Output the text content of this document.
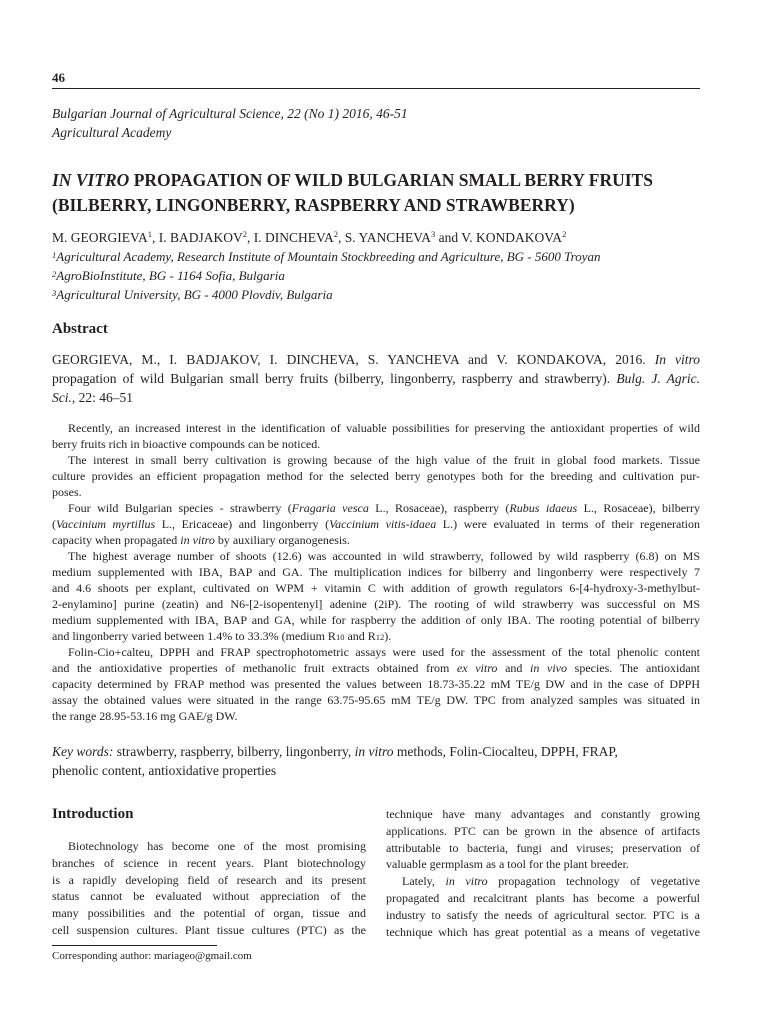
46
Bulgarian Journal of Agricultural Science, 22 (No 1) 2016, 46-51
Agricultural Academy
IN VITRO PROPAGATION OF WILD BULGARIAN SMALL BERRY FRUITS
(BILBERRY, LINGONBERRY, RASPBERRY AND STRAWBERRY)
M. GEORGIEVA$^1$, I. BADJAKOV$^2$, I. DINCHEVA$^2$, S. YANCHEVA$^3$ and V. KONDAKOVA$^2$
$^1$Agricultural Academy, Research Institute of Mountain Stockbreeding and Agriculture, BG - 5600 Troyan
$^2$AgroBioInstitute, BG - 1164 Sofia, Bulgaria
$^3$Agricultural University, BG - 4000 Plovdiv, Bulgaria
Abstract
GEORGIEVA, M., I. BADJAKOV, I. DINCHEVA, S. YANCHEVA and V. KONDAKOVA, 2016. In vitro
propagation of wild Bulgarian small berry fruits (bilberry, lingonberry, raspberry and strawberry). Bulg. J. Agric.
Sci., 22: 46–51
Recently, an increased interest in the identification of valuable possibilities for preserving the antioxidant properties of wild
berry fruits rich in bioactive compounds can be noticed.
The interest in small berry cultivation is growing because of the high value of the fruit in global food markets. Tissue
culture provides an efficient propagation method for the selected berry genotypes both for the breeding and cultivation pur-
poses.
Four wild Bulgarian species - strawberry (Fragaria vesca L., Rosaceae), raspberry (Rubus idaeus L., Rosaceae), bilberry
(Vaccinium myrtillus L., Ericaceae) and lingonberry (Vaccinium vitis-idaea L.) were evaluated in terms of their regeneration
capacity when propagated in vitro by auxiliary organogenesis.
The highest average number of shoots (12.6) was accounted in wild strawberry, followed by wild raspberry (6.8) on MS
medium supplemented with IBA, BAP and GA. The multiplication indices for bilberry and lingonberry were respectively 7
and 4.6 shoots per explant, cultivated on WPM + vitamin C with addition of growth regulators 6-[4-hydroxy-3-methylbut-
2-enylamino] purine (zeatin) and N6-[2-isopentenyl] adenine (2iP). The rooting of wild strawberry was successful on MS
medium supplemented with IBA, BAP and GA, while for raspberry the addition of only IBA. The rooting potential of bilberry
and lingonberry varied between 1.4% to 33.3% (medium $R_{10}$ and $R_{12}$).
Folin-Cio+calteu, DPPH and FRAP spectrophotometric assays were used for the assessment of the total phenolic content
and the antioxidative properties of methanolic fruit extracts obtained from ex vitro and in vivo species. The antioxidant
capacity determined by FRAP method was presented the values between 18.73-35.22 mM TE/g DW and in the case of DPPH
assay the obtained values were situated in the range 63.75-95.65 mM TE/g DW. TPC from analyzed samples was situated in
the range 28.95-53.16 mg GAE/g DW.
Key words: strawberry, raspberry, bilberry, lingonberry, in vitro methods, Folin-Ciocalteu, DPPH, FRAP,
phenolic content, antioxidative properties
Introduction
Biotechnology has become one of the most promising
branches of science in recent years. Plant biotechnology
is a rapidly developing field of research and its present
status cannot be evaluated without appreciation of the
many possibilities and the potential of organ, tissue and
cell suspension cultures. Plant tissue cultures (PTC) as the
technique have many advantages and constantly growing
applications. PTC can be grown in the absence of artifacts
attributable to bacteria, fungi and viruses; preservation of
valuable germplasm as a tool for the plant breeder.
Lately, in vitro propagation technology of vegetative
propagated and recalcitrant plants has become a powerful
industry to satisfy the needs of agricultural sector. PTC is a
technique which has great potential as a means of vegetative
Corresponding author: mariageo@gmail.com
